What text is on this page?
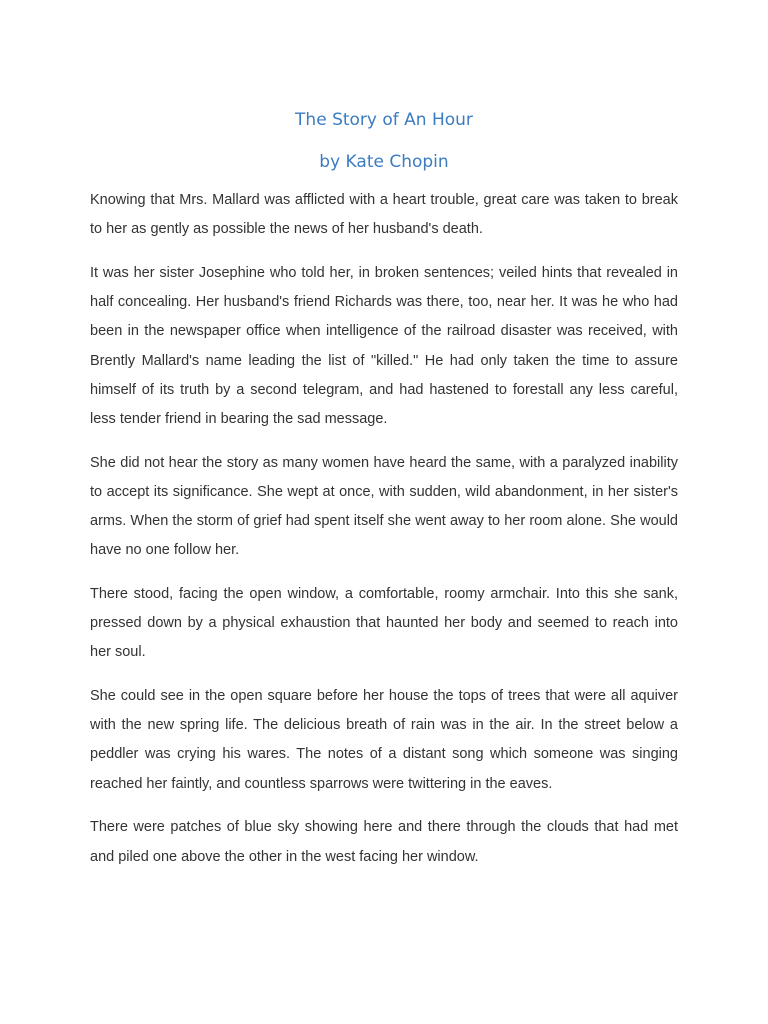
The Story of An Hour
by Kate Chopin

Knowing that Mrs. Mallard was afflicted with a heart trouble, great care was taken to break to her as gently as possible the news of her husband's death.

It was her sister Josephine who told her, in broken sentences; veiled hints that revealed in half concealing. Her husband's friend Richards was there, too, near her. It was he who had been in the newspaper office when intelligence of the railroad disaster was received, with Brently Mallard's name leading the list of "killed." He had only taken the time to assure himself of its truth by a second telegram, and had hastened to forestall any less careful, less tender friend in bearing the sad message.

She did not hear the story as many women have heard the same, with a paralyzed inability to accept its significance. She wept at once, with sudden, wild abandonment, in her sister's arms. When the storm of grief had spent itself she went away to her room alone. She would have no one follow her.

There stood, facing the open window, a comfortable, roomy armchair. Into this she sank, pressed down by a physical exhaustion that haunted her body and seemed to reach into her soul.

She could see in the open square before her house the tops of trees that were all aquiver with the new spring life. The delicious breath of rain was in the air. In the street below a peddler was crying his wares. The notes of a distant song which someone was singing reached her faintly, and countless sparrows were twittering in the eaves.

There were patches of blue sky showing here and there through the clouds that had met and piled one above the other in the west facing her window.
